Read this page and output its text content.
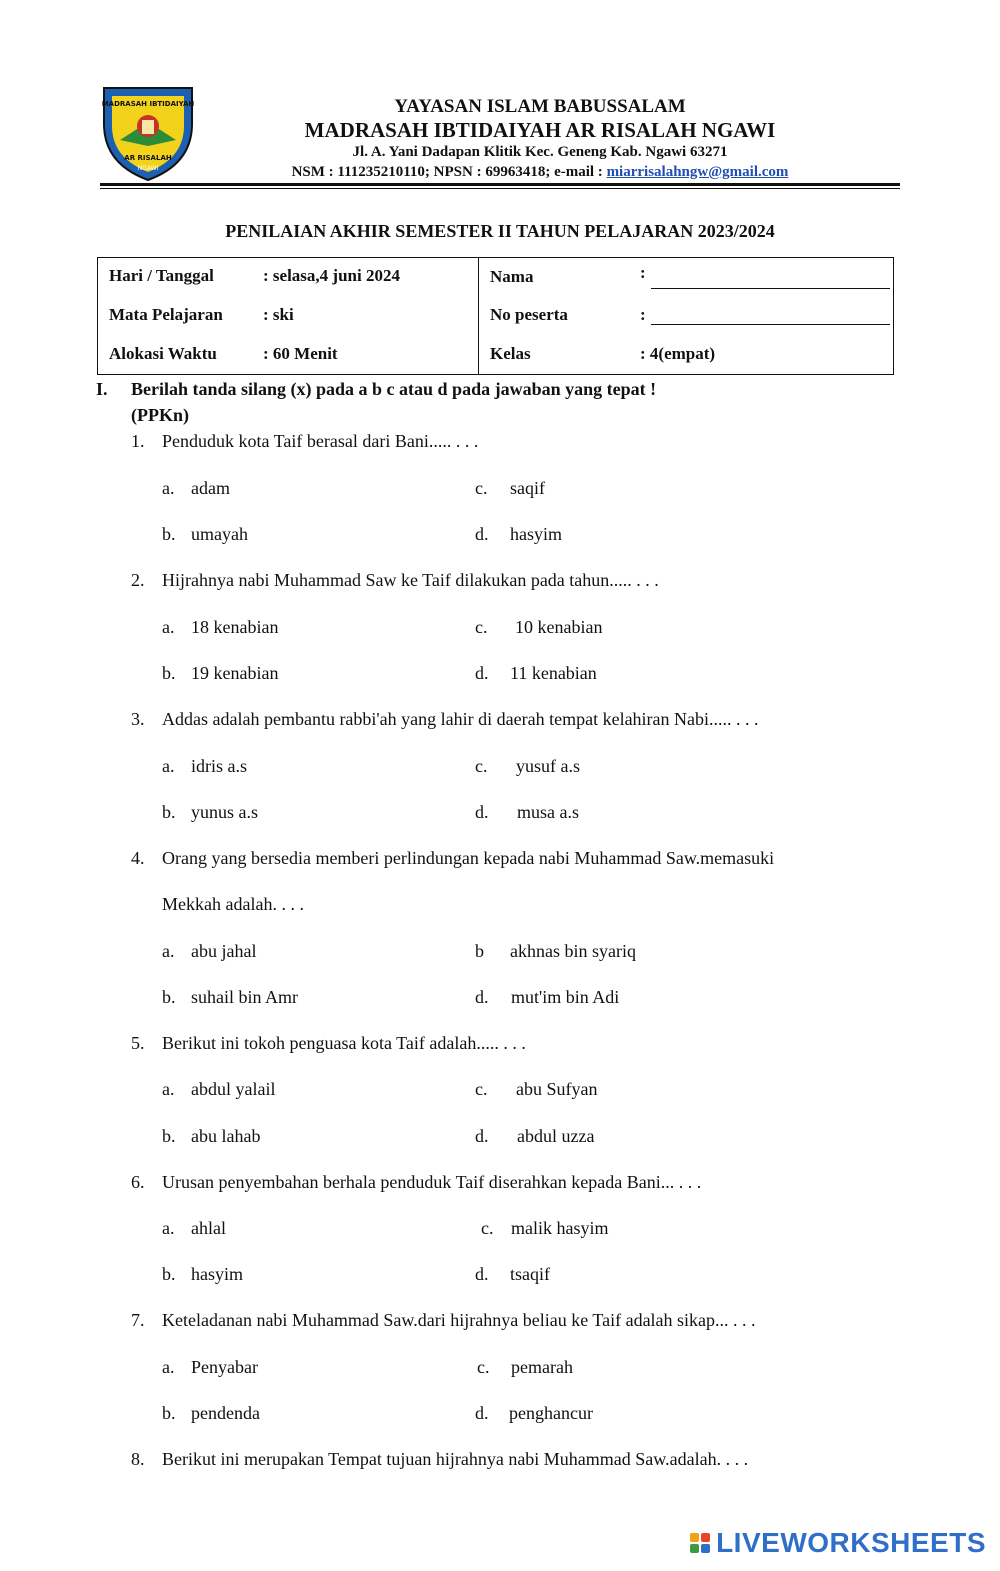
MADRASAH IBTIDAIYAH
AR RISALAH
NGAWI
YAYASAN ISLAM BABUSSALAM
MADRASAH IBTIDAIYAH AR RISALAH NGAWI
Jl. A. Yani Dadapan Klitik Kec. Geneng Kab. Ngawi 63271
NSM : 111235210110; NPSN : 69963418; e-mail : miarrisalahngw@gmail.com
PENILAIAN AKHIR SEMESTER II TAHUN PELAJARAN 2023/2024
Hari / Tanggal	: selasa,4 juni 2024
Mata Pelajaran : ski
Alokasi Waktu	: 60 Menit
Nama	:
No peserta	:
Kelas	: 4(empat)
I. Berilah tanda silang (x) pada a b c atau d pada jawaban yang tepat !
(PPKn)
1. Penduduk kota Taif berasal dari Bani..... . . .
a. adam	c. saqif
b. umayah	d. hasyim
2. Hijrahnya nabi Muhammad Saw ke Taif dilakukan pada tahun..... . . .
a. 18 kenabian	c. 10 kenabian
b. 19 kenabian	d. 11 kenabian
3. Addas adalah pembantu rabbi'ah yang lahir di daerah tempat kelahiran Nabi..... . . .
a. idris a.s	c. yusuf a.s
b. yunus a.s	d. musa a.s
4. Orang yang bersedia memberi perlindungan kepada nabi Muhammad Saw.memasuki
Mekkah adalah. . . .
a. abu jahal	b akhnas bin syariq
b. suhail bin Amr	d. mut'im bin Adi
5. Berikut ini tokoh penguasa kota Taif adalah..... . . .
a. abdul yalail	c. abu Sufyan
b. abu lahab	d. abdul uzza
6. Urusan penyembahan berhala penduduk Taif diserahkan kepada Bani... . . .
a. ahlal	c. malik hasyim
b. hasyim	d. tsaqif
7. Keteladanan nabi Muhammad Saw.dari hijrahnya beliau ke Taif adalah sikap... . . .
a. Penyabar	c. pemarah
b. pendenda	d. penghancur
8. Berikut ini merupakan Tempat tujuan hijrahnya nabi Muhammad Saw.adalah. . . .
LIVEWORKSHEETS
